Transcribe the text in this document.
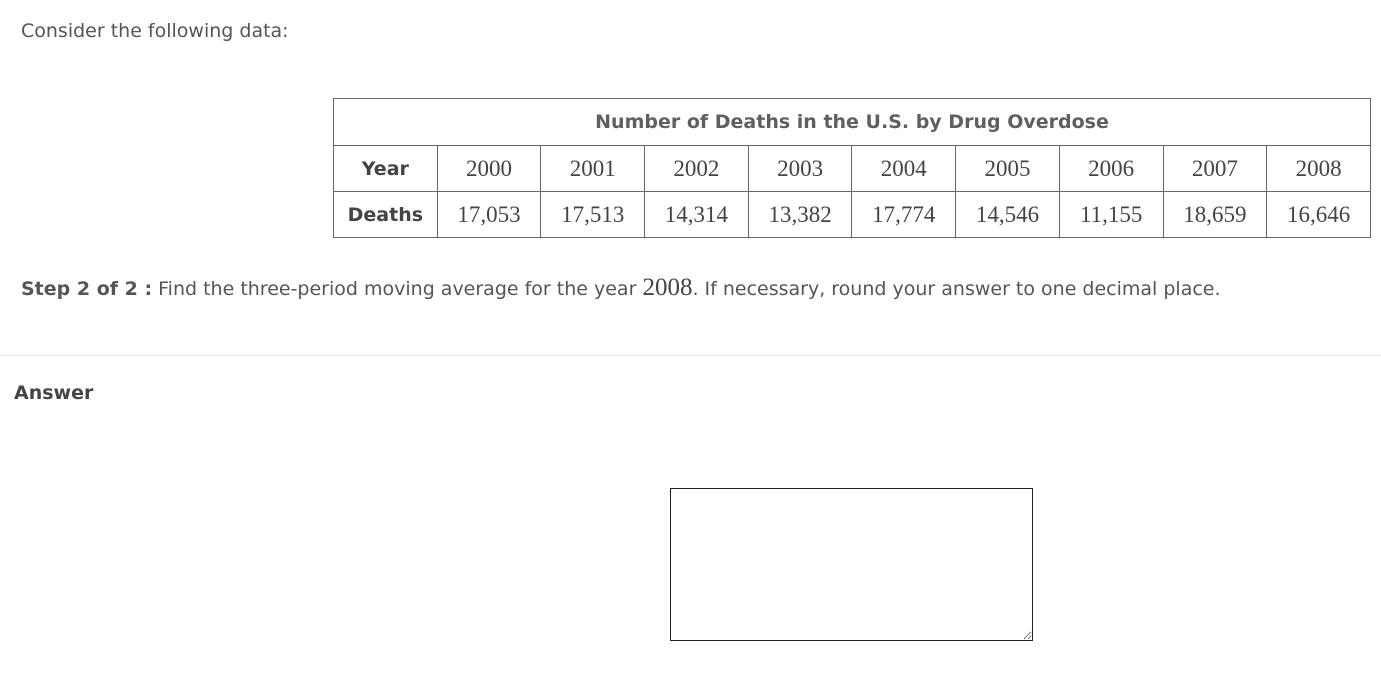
Consider the following data:
Number of Deaths in the U.S. by Drug Overdose									
Year	2000	2001	2002	2003	2004	2005	2006	2007	2008
Deaths	17,053	17,513	14,314	13,382	17,774	14,546	11,155	18,659	16,646
Step 2 of 2 : Find the three-period moving average for the year 2008. If necessary, round your answer to one decimal place.
Answer
